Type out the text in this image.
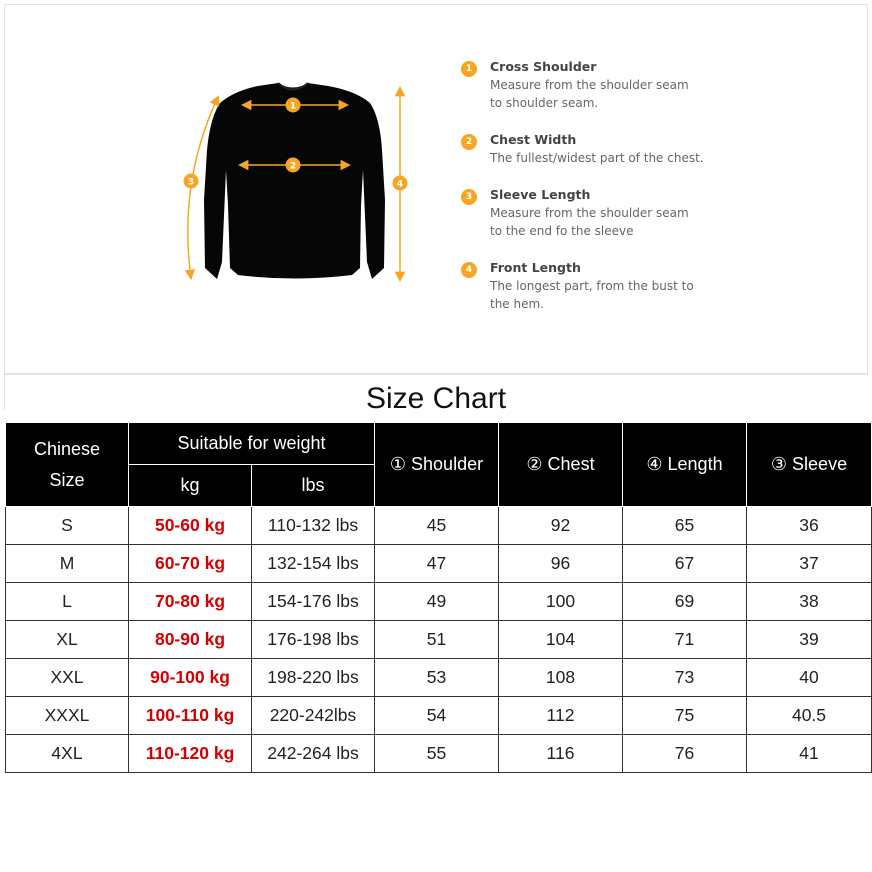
1
2
3	4
1	Cross Shoulder
Measure from the shoulder seam
to shoulder seam.
2	Chest Width
The fullest/widest part of the chest.
3	Sleeve Length
Measure from the shoulder seam
to the end fo the sleeve
4	Front Length
The longest part, from the bust to
the hem.
Size Chart
Chinese
Size	Suitable for weight		① Shoulder	② Chest	④ Length	③ Sleeve
	kg	lbs				
S	50-60 kg	110-132 lbs	45	92	65	36
M	60-70 kg	132-154 lbs	47	96	67	37
L	70-80 kg	154-176 lbs	49	100	69	38
XL	80-90 kg	176-198 lbs	51	104	71	39
XXL	90-100 kg	198-220 lbs	53	108	73	40
XXXL	100-110 kg	220-242lbs	54	112	75	40.5
4XL	110-120 kg	242-264 lbs	55	116	76	41
